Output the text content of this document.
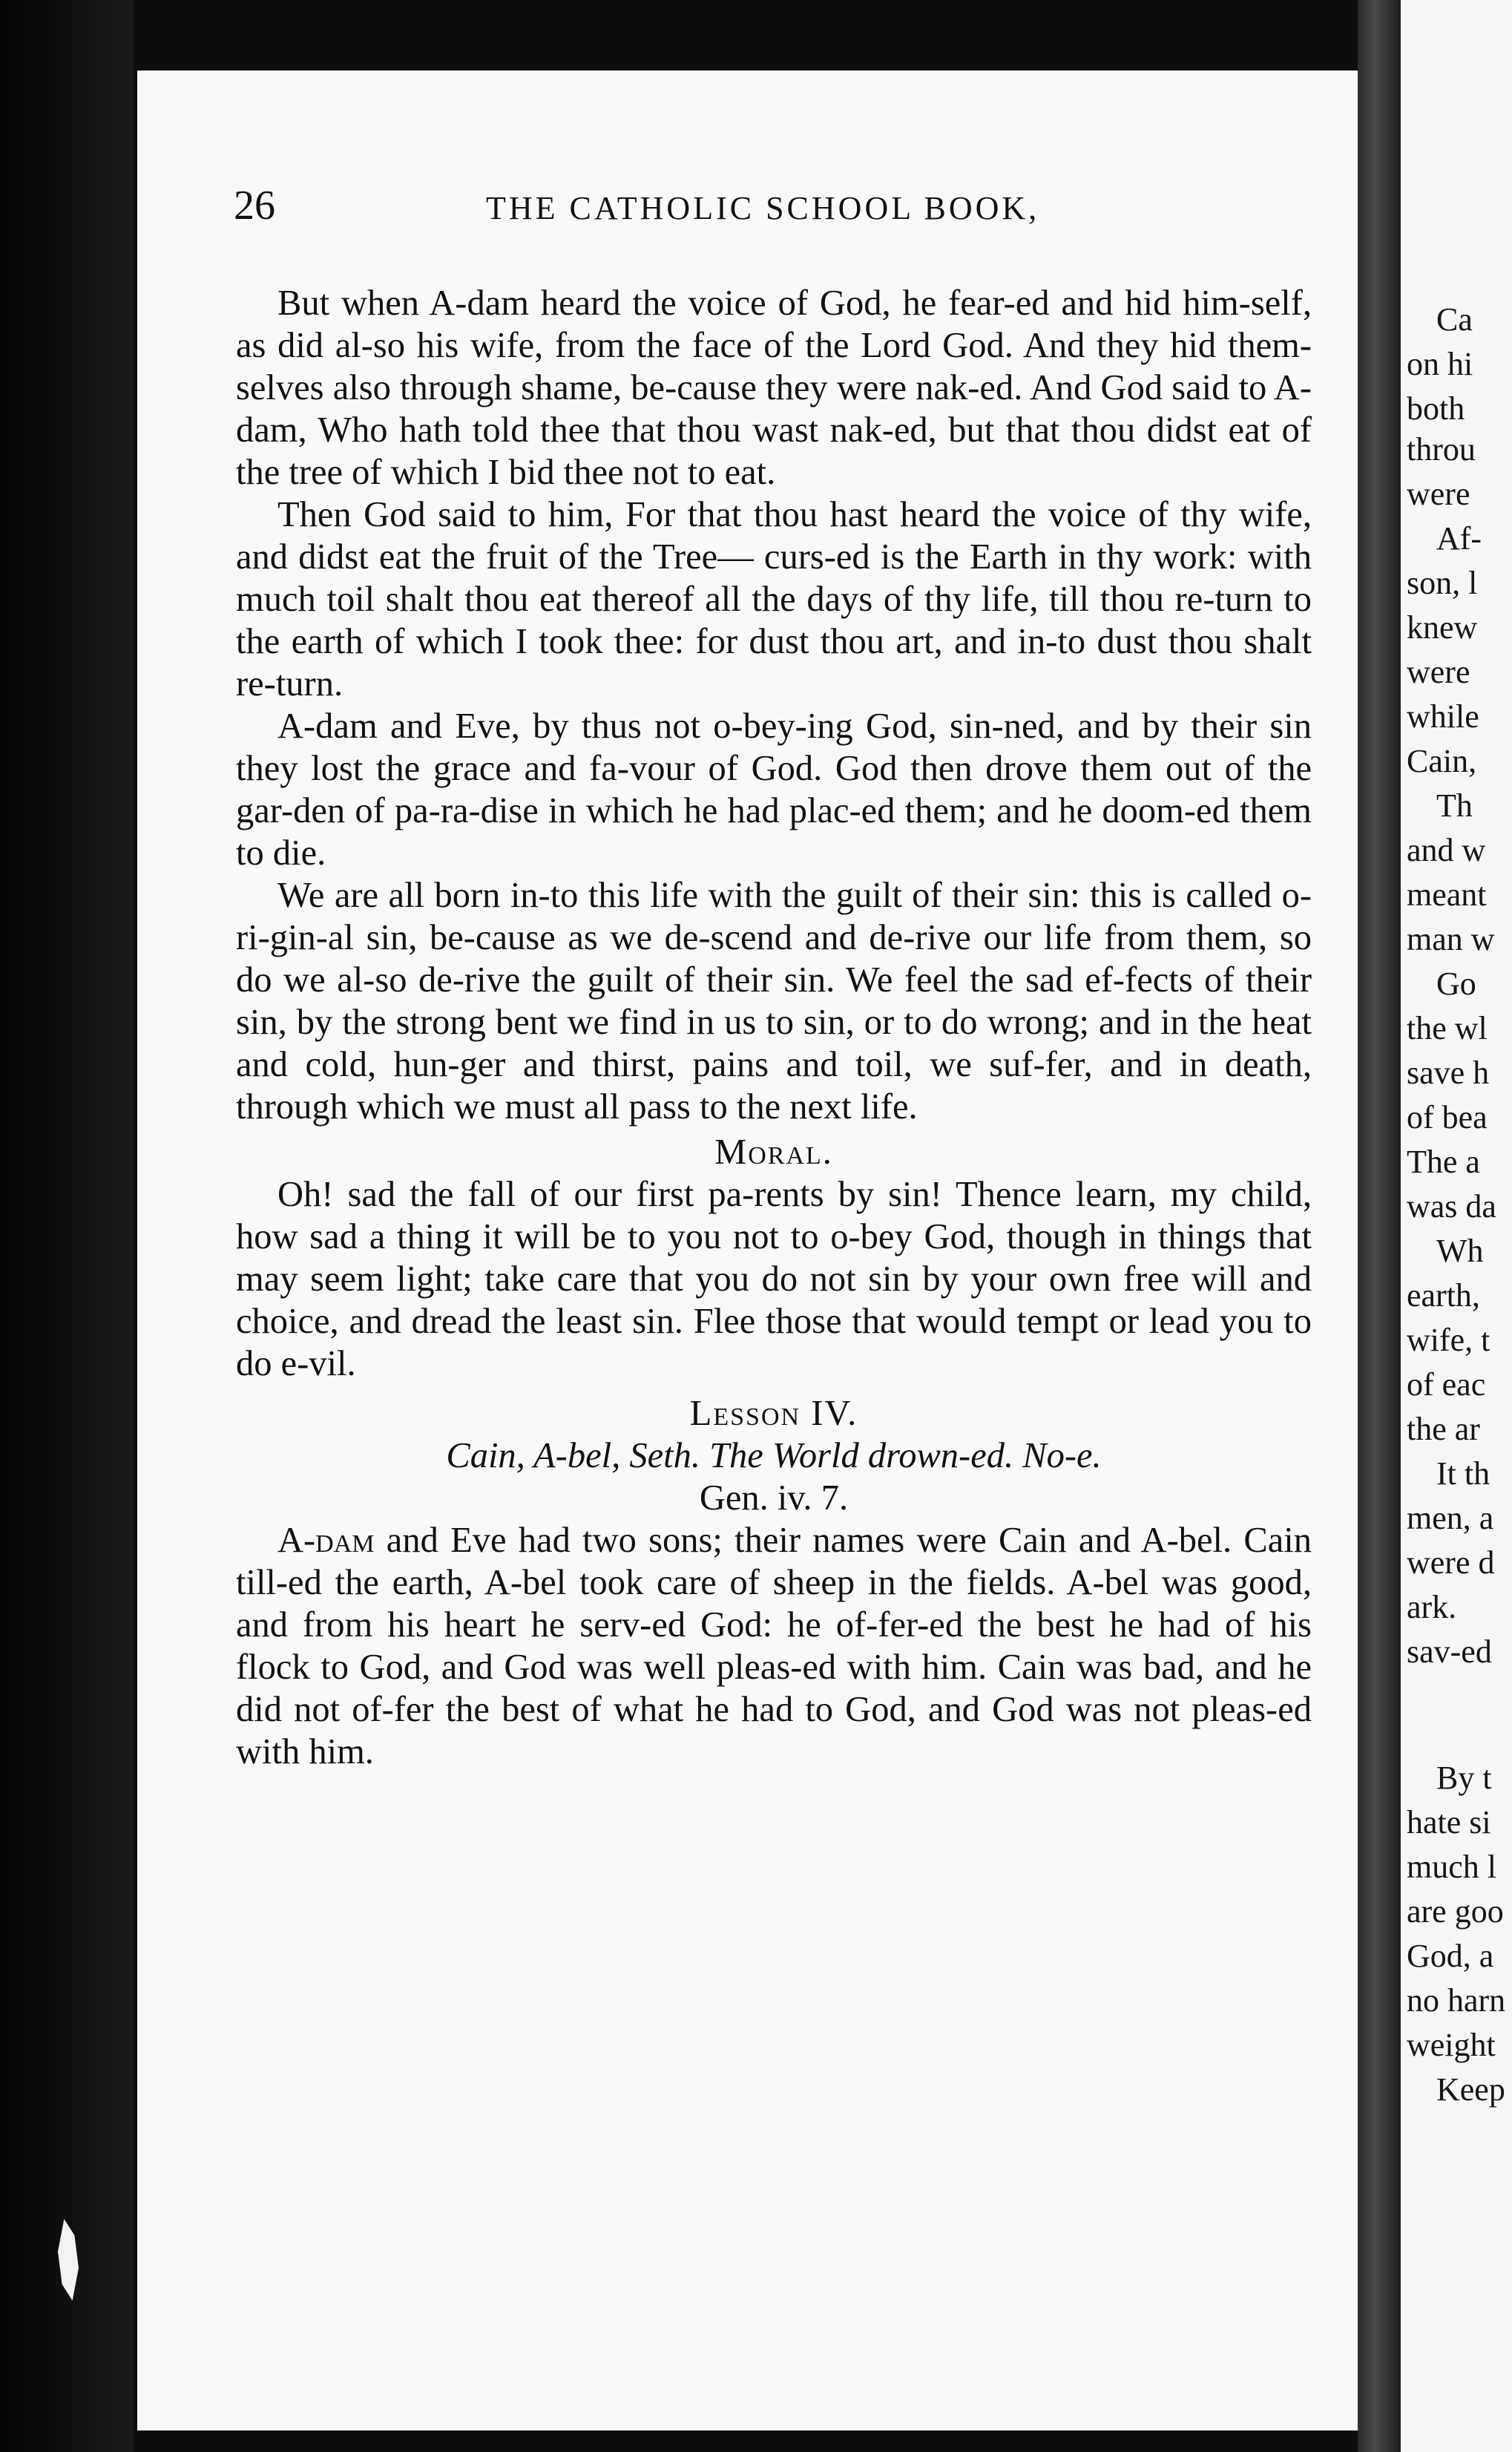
26	THE CATHOLIC SCHOOL BOOK,

But when A-dam heard the voice of God, he fear-ed and hid him-self, as did al-so his wife, from the face of the Lord God. And they hid them-selves also through shame, be-cause they were nak-ed. And God said to A-dam, Who hath told thee that thou wast nak-ed, but that thou didst eat of the tree of which I bid thee not to eat.

Then God said to him, For that thou hast heard the voice of thy wife, and didst eat the fruit of the Tree— curs-ed is the Earth in thy work: with much toil shalt thou eat thereof all the days of thy life, till thou re-turn to the earth of which I took thee: for dust thou art, and in-to dust thou shalt re-turn.

A-dam and Eve, by thus not o-bey-ing God, sin-ned, and by their sin they lost the grace and fa-vour of God. God then drove them out of the gar-den of pa-ra-dise in which he had plac-ed them; and he doom-ed them to die.

We are all born in-to this life with the guilt of their sin: this is called o-ri-gin-al sin, be-cause as we de-scend and de-rive our life from them, so do we al-so de-rive the guilt of their sin. We feel the sad ef-fects of their sin, by the strong bent we find in us to sin, or to do wrong; and in the heat and cold, hun-ger and thirst, pains and toil, we suf-fer, and in death, through which we must all pass to the next life.

Moral.

Oh! sad the fall of our first pa-rents by sin! Thence learn, my child, how sad a thing it will be to you not to o-bey God, though in things that may seem light; take care that you do not sin by your own free will and choice, and dread the least sin. Flee those that would tempt or lead you to do e-vil.

Lesson IV.

Cain, A-bel, Seth. The World drown-ed. No-e.

Gen. iv. 7.

A-dam and Eve had two sons; their names were Cain and A-bel. Cain till-ed the earth, A-bel took care of sheep in the fields. A-bel was good, and from his heart he serv-ed God: he of-fer-ed the best he had of his flock to God, and God was well pleas-ed with him. Cain was bad, and he did not of-fer the best of what he had to God, and God was not pleas-ed with him.

Ca
on hi
both
throu
were
Af-
son, l
knew
were
while
Cain,
Th
and w
meant
man w
Go
the wl
save h
of bea
The a
was da
Wh
earth,
wife, t
of eac
the ar
It th
men, a
were d
ark.
sav-ed
By t
hate si
much l
are goo
God, a
no harn
weight
Keep
